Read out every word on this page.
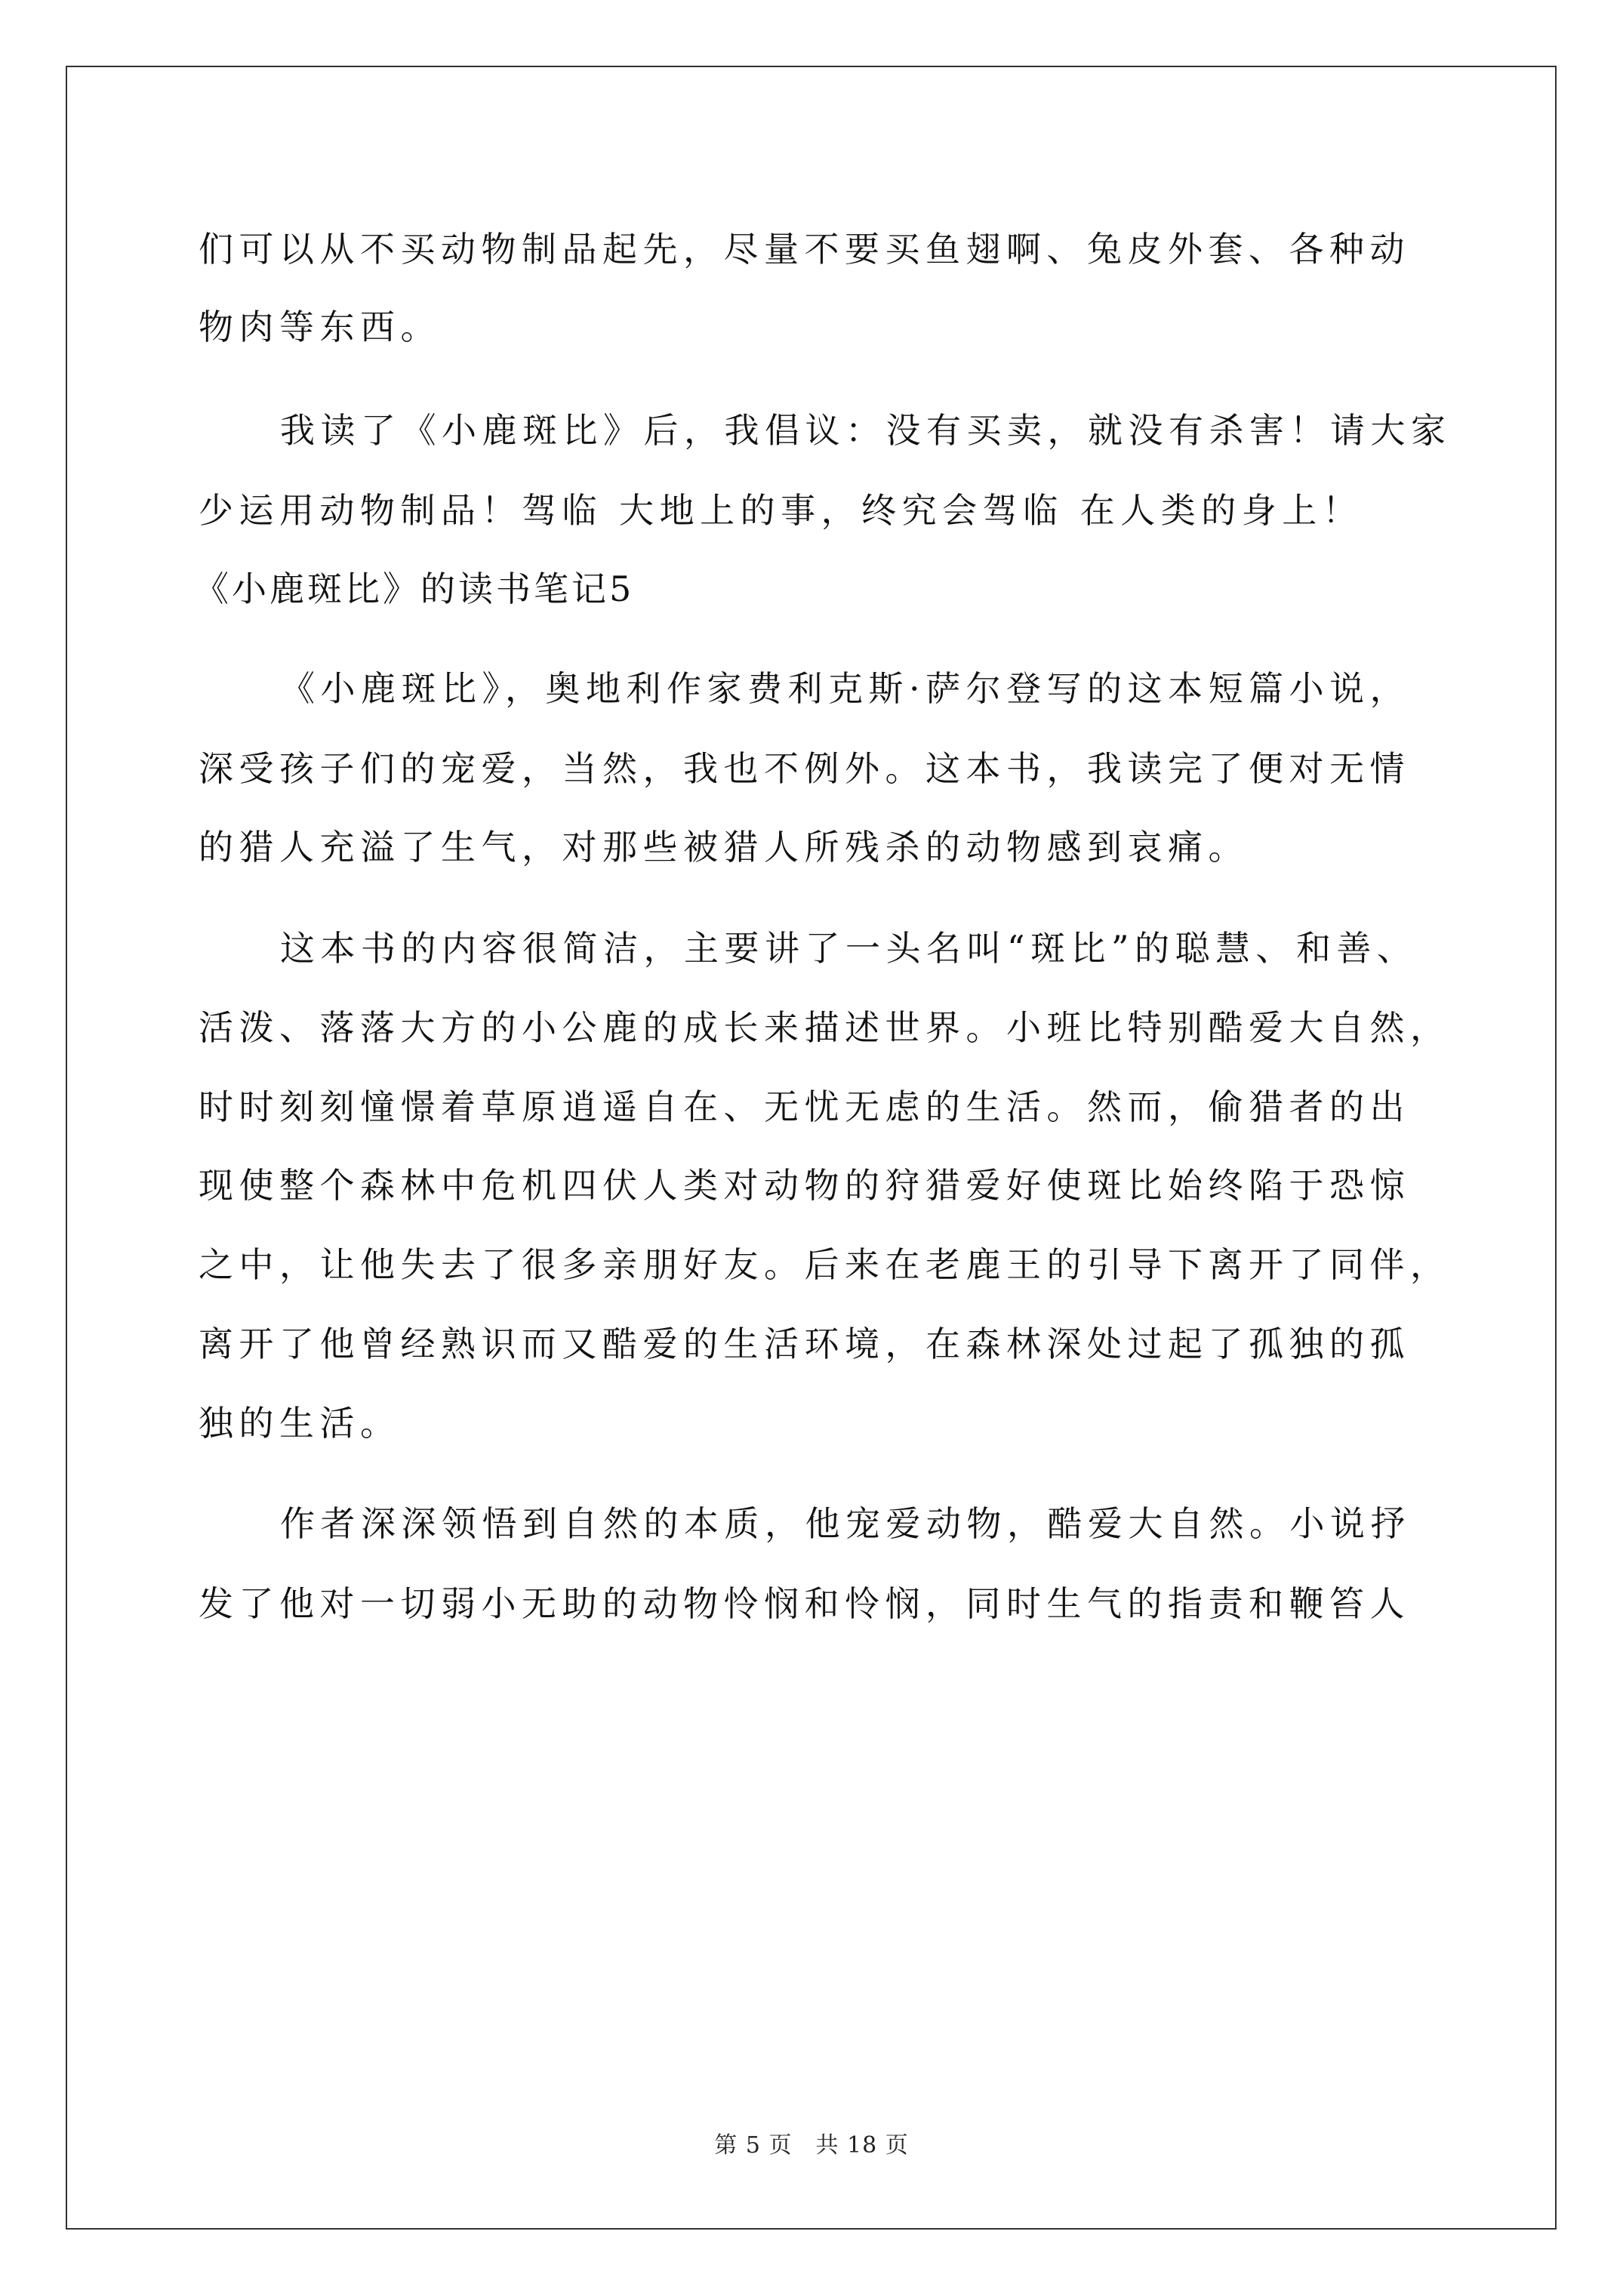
们可以从不买动物制品起先，尽量不要买鱼翅啊、兔皮外套、各种动
物肉等东西。
我读了《小鹿斑比》后，我倡议：没有买卖，就没有杀害！请大家
少运用动物制品！驾临 大地上的事，终究会驾临 在人类的身上！
《小鹿斑比》的读书笔记5
《小鹿斑比》，奥地利作家费利克斯·萨尔登写的这本短篇小说，
深受孩子们的宠爱，当然，我也不例外。这本书，我读完了便对无情
的猎人充溢了生气，对那些被猎人所残杀的动物感到哀痛。
这本书的内容很简洁，主要讲了一头名叫“斑比”的聪慧、和善、
活泼、落落大方的小公鹿的成长来描述世界。小班比特别酷爱大自然，
时时刻刻憧憬着草原逍遥自在、无忧无虑的生活。然而，偷猎者的出
现使整个森林中危机四伏人类对动物的狩猎爱好使斑比始终陷于恐惊
之中，让他失去了很多亲朋好友。后来在老鹿王的引导下离开了同伴，
离开了他曾经熟识而又酷爱的生活环境，在森林深处过起了孤独的孤
独的生活。
作者深深领悟到自然的本质，他宠爱动物，酷爱大自然。小说抒
发了他对一切弱小无助的动物怜悯和怜悯，同时生气的指责和鞭笞人
第 5 页　共 18 页
